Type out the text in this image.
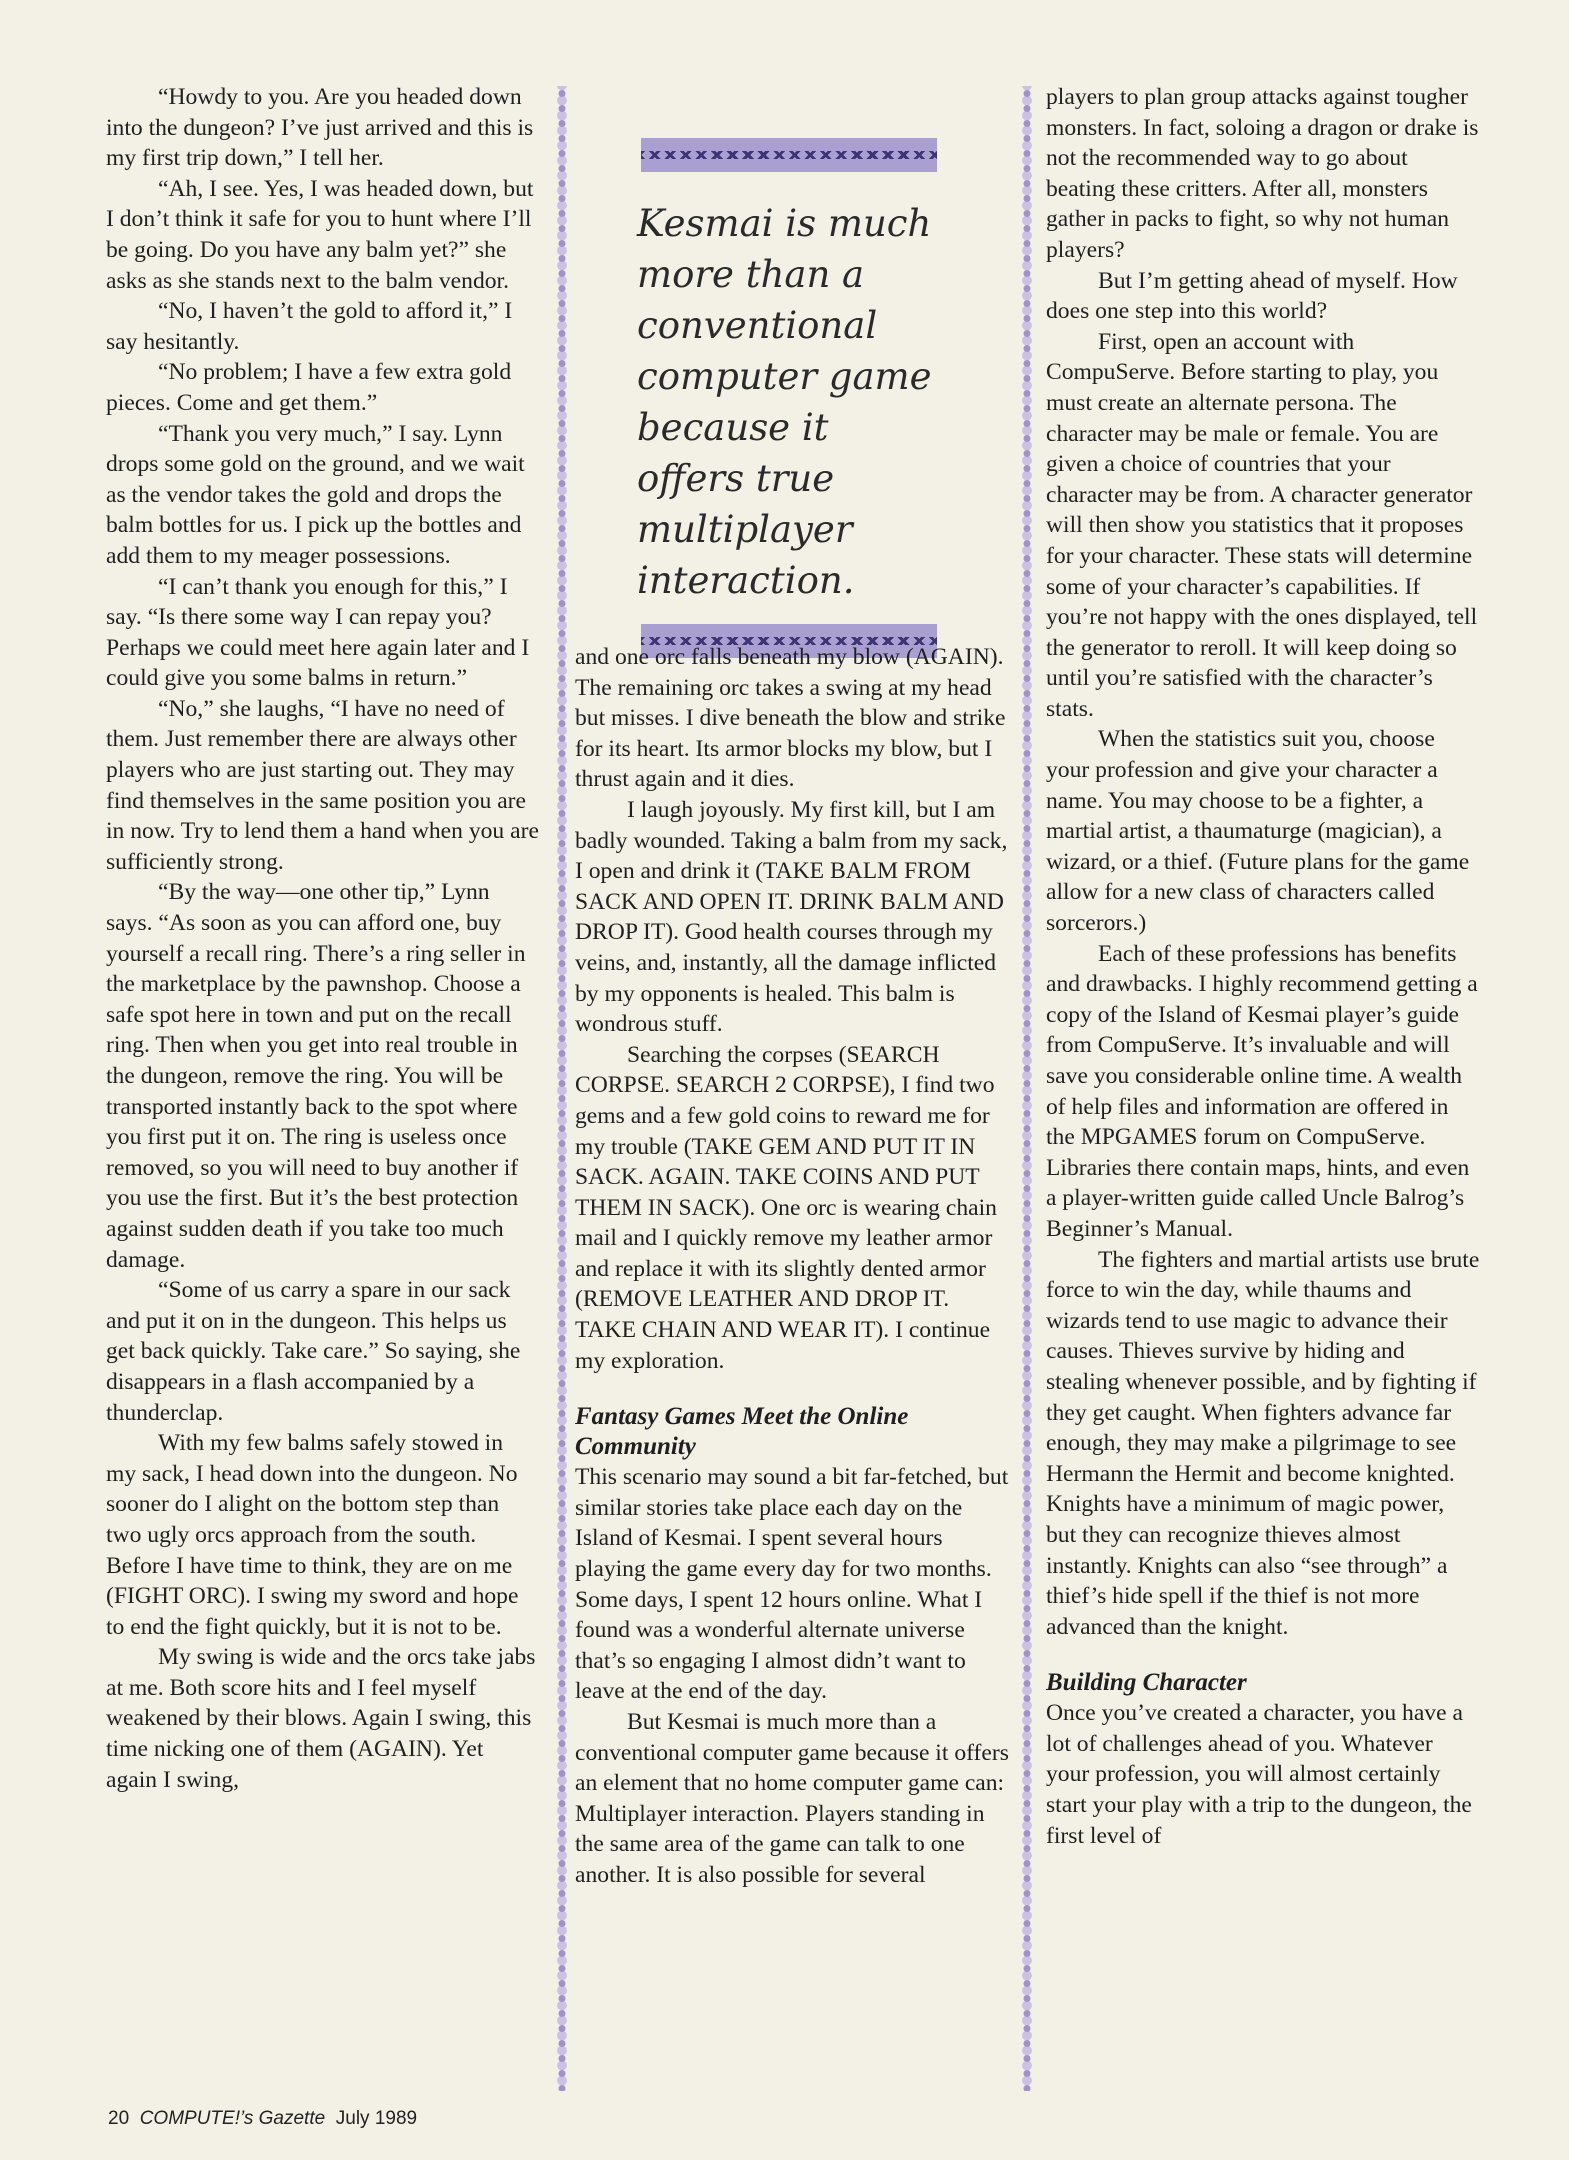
“Howdy to you. Are you headed down into the dungeon? I’ve just arrived and this is my first trip down,” I tell her.

“Ah, I see. Yes, I was headed down, but I don’t think it safe for you to hunt where I’ll be going. Do you have any balm yet?” she asks as she stands next to the balm vendor.

“No, I haven’t the gold to afford it,” I say hesitantly.

“No problem; I have a few extra gold pieces. Come and get them.”

“Thank you very much,” I say. Lynn drops some gold on the ground, and we wait as the vendor takes the gold and drops the balm bottles for us. I pick up the bottles and add them to my meager possessions.

“I can’t thank you enough for this,” I say. “Is there some way I can repay you? Perhaps we could meet here again later and I could give you some balms in return.”

“No,” she laughs, “I have no need of them. Just remember there are always other players who are just starting out. They may find themselves in the same position you are in now. Try to lend them a hand when you are sufficiently strong.

“By the way—one other tip,” Lynn says. “As soon as you can afford one, buy yourself a recall ring. There’s a ring seller in the marketplace by the pawnshop. Choose a safe spot here in town and put on the recall ring. Then when you get into real trouble in the dungeon, remove the ring. You will be transported instantly back to the spot where you first put it on. The ring is useless once removed, so you will need to buy another if you use the first. But it’s the best protection against sudden death if you take too much damage.

“Some of us carry a spare in our sack and put it on in the dungeon. This helps us get back quickly. Take care.” So saying, she disappears in a flash accompanied by a thunderclap.

With my few balms safely stowed in my sack, I head down into the dungeon. No sooner do I alight on the bottom step than two ugly orcs approach from the south. Before I have time to think, they are on me (FIGHT ORC). I swing my sword and hope to end the fight quickly, but it is not to be.

My swing is wide and the orcs take jabs at me. Both score hits and I feel myself weakened by their blows. Again I swing, this time nicking one of them (AGAIN). Yet again I swing,

Kesmai is much more than a conventional computer game because it offers true multiplayer interaction.

and one orc falls beneath my blow (AGAIN). The remaining orc takes a swing at my head but misses. I dive beneath the blow and strike for its heart. Its armor blocks my blow, but I thrust again and it dies.

I laugh joyously. My first kill, but I am badly wounded. Taking a balm from my sack, I open and drink it (TAKE BALM FROM SACK AND OPEN IT. DRINK BALM AND DROP IT). Good health courses through my veins, and, instantly, all the damage inflicted by my opponents is healed. This balm is wondrous stuff.

Searching the corpses (SEARCH CORPSE. SEARCH 2 CORPSE), I find two gems and a few gold coins to reward me for my trouble (TAKE GEM AND PUT IT IN SACK. AGAIN. TAKE COINS AND PUT THEM IN SACK). One orc is wearing chain mail and I quickly remove my leather armor and replace it with its slightly dented armor (REMOVE LEATHER AND DROP IT. TAKE CHAIN AND WEAR IT). I continue my exploration.

Fantasy Games Meet the Online Community

This scenario may sound a bit far-fetched, but similar stories take place each day on the Island of Kesmai. I spent several hours playing the game every day for two months. Some days, I spent 12 hours online. What I found was a wonderful alternate universe that’s so engaging I almost didn’t want to leave at the end of the day.

But Kesmai is much more than a conventional computer game because it offers an element that no home computer game can: Multiplayer interaction. Players standing in the same area of the game can talk to one another. It is also possible for several

players to plan group attacks against tougher monsters. In fact, soloing a dragon or drake is not the recommended way to go about beating these critters. After all, monsters gather in packs to fight, so why not human players?

But I’m getting ahead of myself. How does one step into this world?

First, open an account with CompuServe. Before starting to play, you must create an alternate persona. The character may be male or female. You are given a choice of countries that your character may be from. A character generator will then show you statistics that it proposes for your character. These stats will determine some of your character’s capabilities. If you’re not happy with the ones displayed, tell the generator to reroll. It will keep doing so until you’re satisfied with the character’s stats.

When the statistics suit you, choose your profession and give your character a name. You may choose to be a fighter, a martial artist, a thaumaturge (magician), a wizard, or a thief. (Future plans for the game allow for a new class of characters called sorcerors.)

Each of these professions has benefits and drawbacks. I highly recommend getting a copy of the Island of Kesmai player’s guide from CompuServe. It’s invaluable and will save you considerable online time. A wealth of help files and information are offered in the MPGAMES forum on CompuServe. Libraries there contain maps, hints, and even a player-written guide called Uncle Balrog’s Beginner’s Manual.

The fighters and martial artists use brute force to win the day, while thaums and wizards tend to use magic to advance their causes. Thieves survive by hiding and stealing whenever possible, and by fighting if they get caught. When fighters advance far enough, they may make a pilgrimage to see Hermann the Hermit and become knighted. Knights have a minimum of magic power, but they can recognize thieves almost instantly. Knights can also “see through” a thief’s hide spell if the thief is not more advanced than the knight.

Building Character

Once you’ve created a character, you have a lot of challenges ahead of you. Whatever your profession, you will almost certainly start your play with a trip to the dungeon, the first level of

20 COMPUTE!’s Gazette July 1989
